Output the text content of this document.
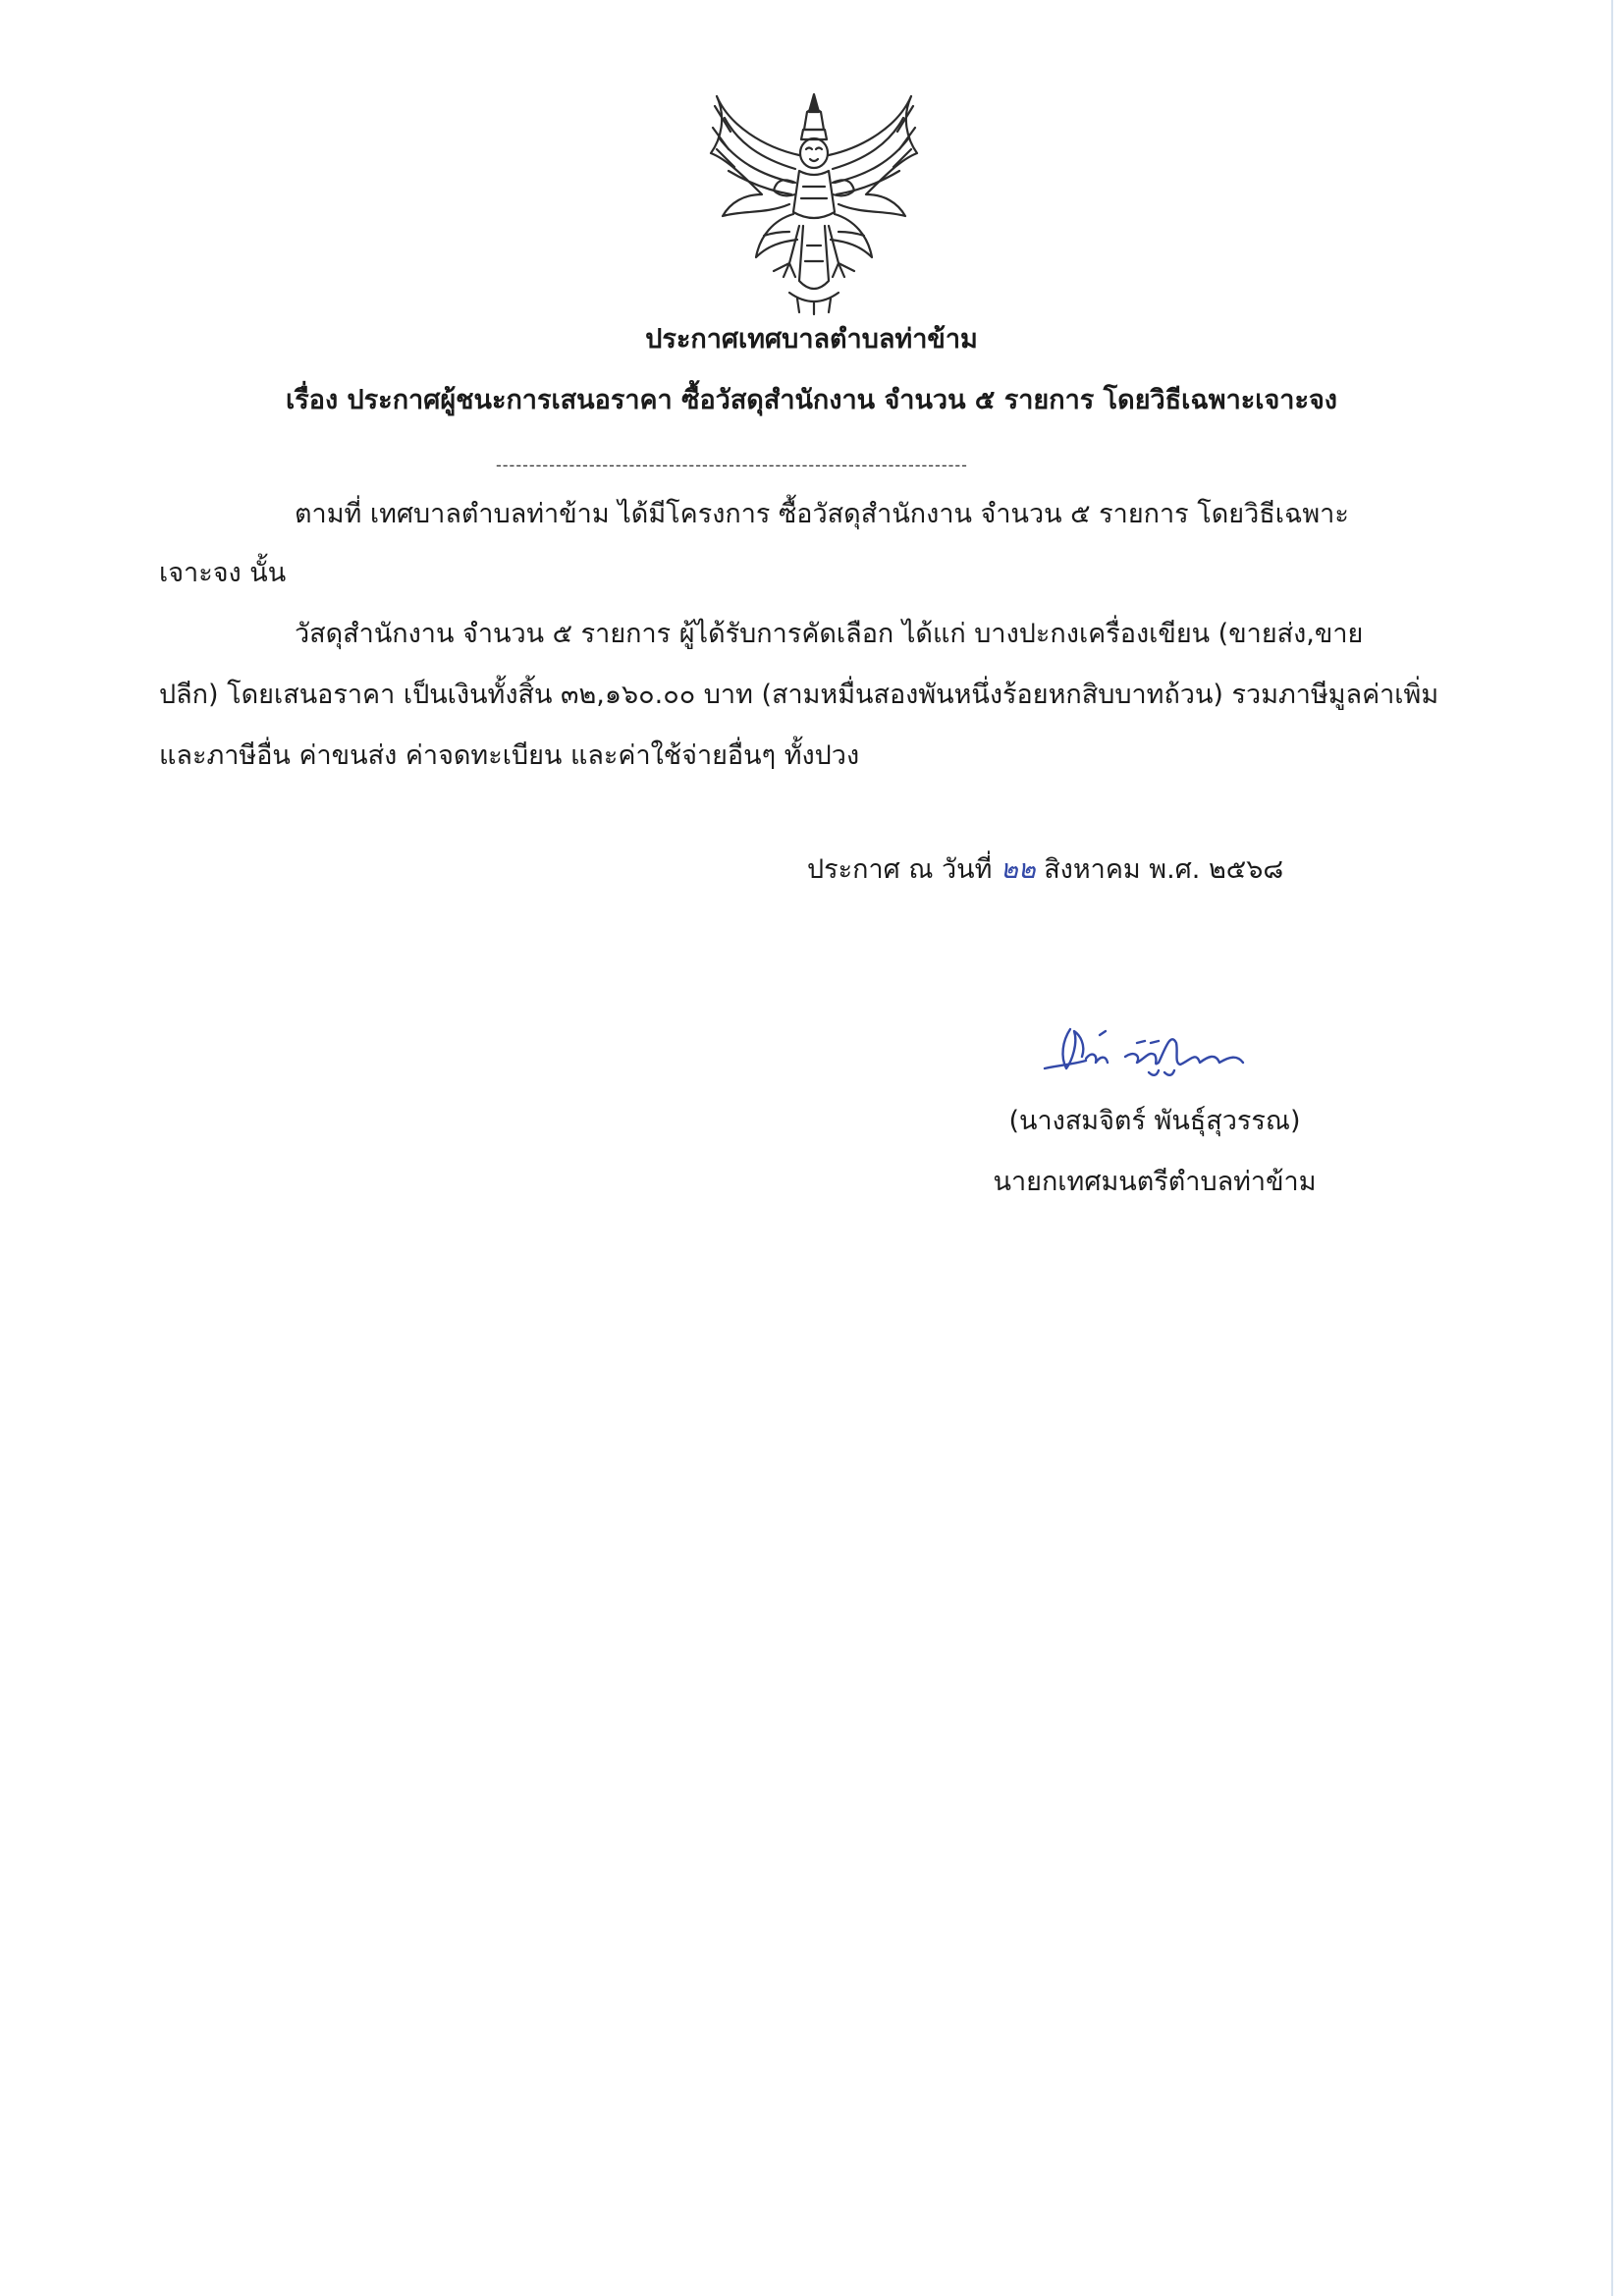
ประกาศเทศบาลตำบลท่าข้าม
เรื่อง ประกาศผู้ชนะการเสนอราคา ซื้อวัสดุสำนักงาน จำนวน ๕ รายการ โดยวิธีเฉพาะเจาะจง
-----------------------------------------------------------------------
ตามที่ เทศบาลตำบลท่าข้าม ได้มีโครงการ ซื้อวัสดุสำนักงาน จำนวน ๕ รายการ โดยวิธีเฉพาะ
เจาะจง นั้น
วัสดุสำนักงาน จำนวน ๕ รายการ ผู้ได้รับการคัดเลือก ได้แก่ บางปะกงเครื่องเขียน (ขายส่ง,ขาย
ปลีก) โดยเสนอราคา เป็นเงินทั้งสิ้น ๓๒,๑๖๐.๐๐ บาท (สามหมื่นสองพันหนึ่งร้อยหกสิบบาทถ้วน) รวมภาษีมูลค่าเพิ่ม
และภาษีอื่น ค่าขนส่ง ค่าจดทะเบียน และค่าใช้จ่ายอื่นๆ ทั้งปวง
ประกาศ ณ วันที่ ๒๒ สิงหาคม พ.ศ. ๒๕๖๘
(นางสมจิตร์ พันธุ์สุวรรณ)
นายกเทศมนตรีตำบลท่าข้าม
